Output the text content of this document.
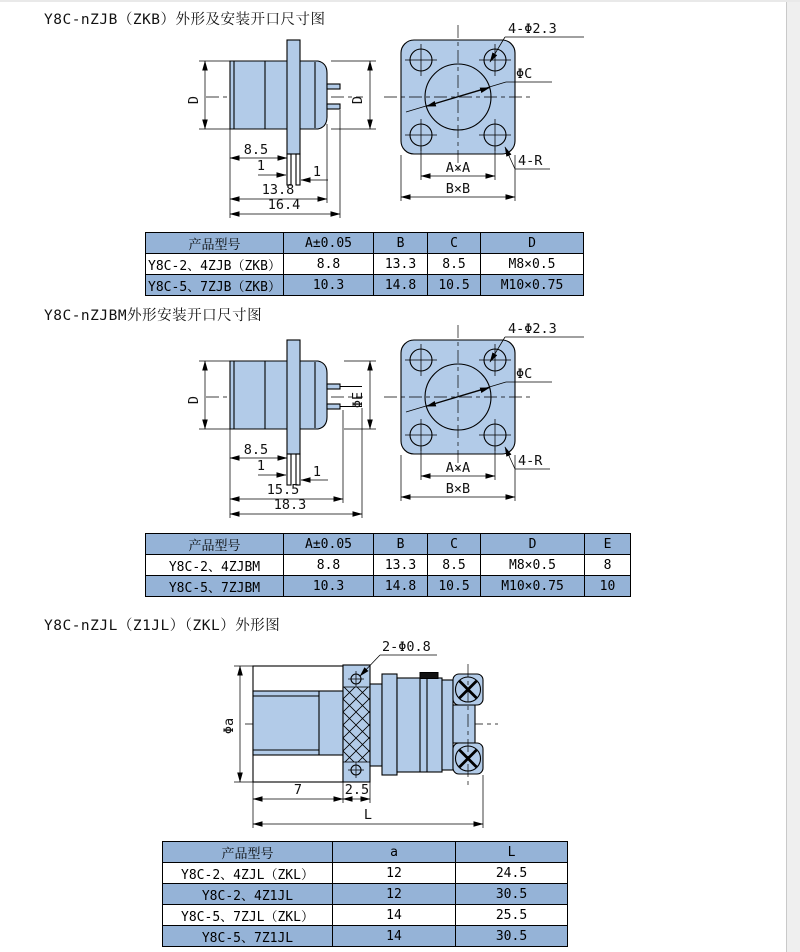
Y8C-nZJB（ZKB）外形及安装开口尺寸图
D	D
8.5
1	1
13.8
16.4
ΦC
4-Φ2.3
4-R
A×A
B×B
产品型号	A±0.05	B	C	D
Y8C-2、4ZJB（ZKB）	8.8	13.3	8.5	M8×0.5
Y8C-5、7ZJB（ZKB）	10.3	14.8	10.5	M10×0.75
Y8C-nZJBM外形安装开口尺寸图
D	ΦE
8.5
1	1
15.5
18.3
ΦC
4-Φ2.3
4-R
A×A
B×B
产品型号	A±0.05	B	C	D	E
Y8C-2、4ZJBM	8.8	13.3	8.5	M8×0.5	8
Y8C-5、7ZJBM	10.3	14.8	10.5	M10×0.75	10
Y8C-nZJL（Z1JL）（ZKL）外形图
2-Φ0.8
Φa
7	2.5
L
产品型号	a	L
Y8C-2、4ZJL（ZKL）	12	24.5
Y8C-2、4Z1JL	12	30.5
Y8C-5、7ZJL（ZKL）	14	25.5
Y8C-5、7Z1JL	14	30.5
